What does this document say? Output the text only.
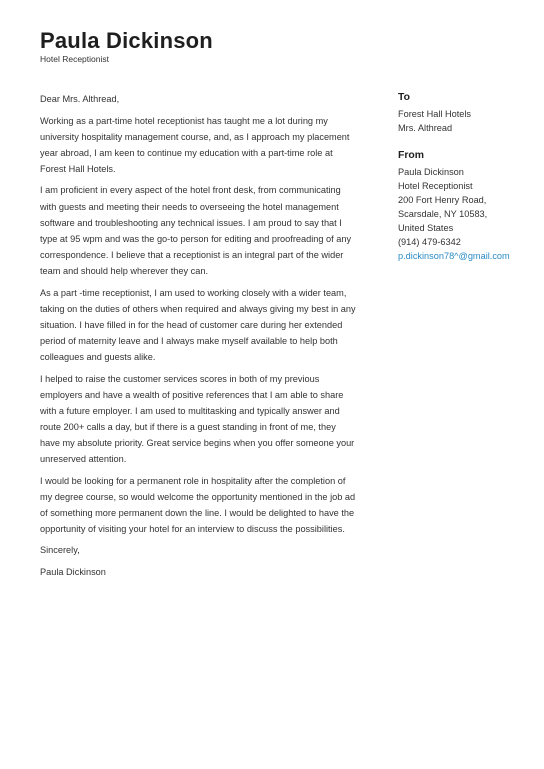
Paula Dickinson
Hotel Receptionist

Dear Mrs. Althread,

Working as a part-time hotel receptionist has taught me a lot during my university hospitality management course, and, as I approach my placement year abroad, I am keen to continue my education with a part-time role at Forest Hall Hotels.

I am proficient in every aspect of the hotel front desk, from communicating with guests and meeting their needs to overseeing the hotel management software and troubleshooting any technical issues. I am proud to say that I type at 95 wpm and was the go-to person for editing and proofreading of any correspondence. I believe that a receptionist is an integral part of the wider team and should help wherever they can.

As a part -time receptionist, I am used to working closely with a wider team, taking on the duties of others when required and always giving my best in any situation. I have filled in for the head of customer care during her extended period of maternity leave and I always make myself available to help both colleagues and guests alike.

I helped to raise the customer services scores in both of my previous employers and have a wealth of positive references that I am able to share with a future employer. I am used to multitasking and typically answer and route 200+ calls a day, but if there is a guest standing in front of me, they have my absolute priority. Great service begins when you offer someone your unreserved attention.

I would be looking for a permanent role in hospitality after the completion of my degree course, so would welcome the opportunity mentioned in the job ad of something more permanent down the line. I would be delighted to have the opportunity of visiting your hotel for an interview to discuss the possibilities.

Sincerely,

Paula Dickinson

To
Forest Hall Hotels
Mrs. Althread
From
Paula Dickinson
Hotel Receptionist
200 Fort Henry Road,
Scarsdale, NY 10583,
United States
(914) 479-6342
p.dickinson78^@gmail.com
